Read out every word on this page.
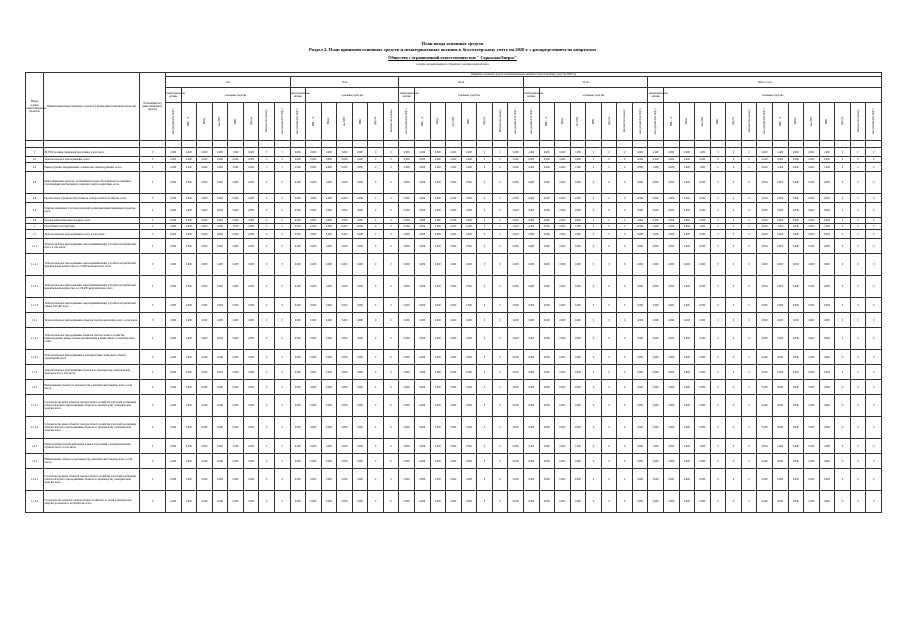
План ввода основных средств
Раздел 2. План принятия основных средств и нематериальных активов к бухгалтерскому учету на 2020 г. с распределением по кварталам
Общество с ограниченной ответственностью " СарыаланЭнерго"
полное наименование субъекта электроэнергетики
Номер группы инвестиционных проектов	Наименование инвестиционного проекта (группы инвестиционных проектов)	Идентификатор инвестиционного проекта	Принятие основных средств и нематериальных активов к бухгалтерскому учету на 2020 год																																													
			I кв								II кв							III кв								IV кв								Итого за год														
			нематериальные активы	основные средства							нематериальные активы	основные средства						нематериальные активы	основные средства							нематериальные активы	основные средства							нематериальные активы	основные средства													
			млн рублей (без НДС)	МВ×А	Мвар	км ЛЭП	МВт	Другое	Количество единиц	млн рублей (без НДС)	млн рублей (без НДС)	МВ×А	Мвар	км ЛЭП	МВт	Другое	Количество единиц	млн рублей (без НДС)	МВ×А	Мвар	км ЛЭП	МВт	Другое	Количество единиц	млн рублей (без НДС)	млн рублей (без НДС)	МВ×А	Мвар	км ЛЭП	МВт	Другое	Количество единиц	млн рублей (без НДС)	млн рублей (без НДС)	МВ×А	Мвар	км ЛЭП	МВт	Другое	Количество единиц	млн рублей (без НДС)	МВ×А	Мвар	км ЛЭП	МВт	Другое	Количество единиц	млн рублей (без НДС)

0	ВСЕГО по инвестиционной программе, в том числе:	Г	0,000	6,400	0,000	0,000	3,500	0,000	3	5	0,000	0,000	0,000	0,000	0,000	0	0	0,000	0,000	0,000	0,000	0,000	0	0	0,000	2,400	0,000	0,000	1,000	0	0	0	0,000	2,400	0,000	0,000	1,000	0	0	0	0,000	2,400	0,000	0,000	1,000	0	0	0
0.1	Технологическое присоединение, всего	Г	0,000	0,000	0,000	0,000	0,000	0,000	0	0	0,000	0,000	0,000	0,000	0,000	0	0	0,000	0,000	0,000	0,000	0,000	0	0	0,000	0,000	0,000	0,000	0,000	0	0	0	0,000	0,000	0,000	0,000	0,000	0	0	0	0,000	0,000	0,000	0,000	0,000	0	0	0
0.2	Реконструкция, модернизация, техническое перевооружение, всего	Г	0,000	6,400	0,000	0,000	3,500	0,000	3	5	0,000	0,000	0,000	0,000	0,000	0	0	0,000	0,000	0,000	0,000	0,000	0	0	0,000	2,400	0,000	0,000	1,000	0	0	0	0,000	2,400	0,000	0,000	1,000	0	0	0	0,000	2,400	0,000	0,000	1,000	0	0	0
0.3	Инвестиционные проекты, реализация которых обуславливается схемами и программами перспективного развития электроэнергетики, всего	Г	0,000	0,000	0,000	0,000	0,000	0,000	0	0	0,000	0,000	0,000	0,000	0,000	0	0	0,000	0,000	0,000	0,000	0,000	0	0	0,000	0,000	0,000	0,000	0,000	0	0	0	0,000	0,000	0,000	0,000	0,000	0	0	0	0,000	0,000	0,000	0,000	0,000	0	0	0
0.4	Прочее новое строительство объектов электросетевого хозяйства, всего	Г	0,000	0,000	0,000	0,000	0,000	0,000	0	0	0,000	0,000	0,000	0,000	0,000	0	0	0,000	0,000	0,000	0,000	0,000	0	0	0,000	0,000	0,000	0,000	0,000	0	0	0	0,000	0,000	0,000	0,000	0,000	0	0	0	0,000	0,000	0,000	0,000	0,000	0	0	0
0.5	Покупка земельных участков для целей реализации инвестиционных проектов, всего	Г	0,000	0,000	0,000	0,000	0,000	0,000	0	0	0,000	0,000	0,000	0,000	0,000	0	0	0,000	0,000	0,000	0,000	0,000	0	0	0,000	0,000	0,000	0,000	0,000	0	0	0	0,000	0,000	0,000	0,000	0,000	0	0	0	0,000	0,000	0,000	0,000	0,000	0	0	0
0.6	Прочие инвестиционные проекты, всего	Г	0,000	0,000	0,000	0,000	0,000	0,000	0	0	0,000	0,000	0,000	0,000	0,000	0	0	0,000	0,000	0,000	0,000	0,000	0	0	0,000	0,000	0,000	0,000	0,000	0	0	0	0,000	0,000	0,000	0,000	0,000	0	0	0	0,000	0,000	0,000	0,000	0,000	0	0	0
1	Республика Саха (Якутия)	Г	0,000	6,400	0,000	0,000	3,500	0,000	3	5	0,000	0,000	0,000	0,000	0,000	0	0	0,000	0,000	0,000	0,000	0,000	0	0	0,000	2,400	0,000	0,000	1,000	0	0	0	0,000	2,400	0,000	0,000	1,000	0	0	0	0,000	2,400	0,000	0,000	1,000	0	0	0
1.1	Технологическое присоединение, всего, в том числе:	Г	0,000	0,000	0,000	0,000	0,000	0,000	0	0	0,000	0,000	0,000	0,000	0,000	0	0	0,000	0,000	0,000	0,000	0,000	0	0	0,000	0,000	0,000	0,000	0,000	0	0	0	0,000	0,000	0,000	0,000	0,000	0	0	0	0,000	0,000	0,000	0,000	0,000	0	0	0
1.1.1	Технологическое присоединение энергопринимающих устройств потребителей, всего, в том числе:	Г	0,000	0,000	0,000	0,000	0,000	0,000	0	0	0,000	0,000	0,000	0,000	0,000	0	0	0,000	0,000	0,000	0,000	0,000	0	0	0,000	0,000	0,000	0,000	0,000	0	0	0	0,000	0,000	0,000	0,000	0,000	0	0	0	0,000	0,000	0,000	0,000	0,000	0	0	0
1.1.1.1	Технологическое присоединение энергопринимающих устройств потребителей максимальной мощностью до 15 кВт включительно, всего	Г	0,000	0,000	0,000	0,000	0,000	0,000	0	0	0,000	0,000	0,000	0,000	0,000	0	0	0,000	0,000	0,000	0,000	0,000	0	0	0,000	0,000	0,000	0,000	0,000	0	0	0	0,000	0,000	0,000	0,000	0,000	0	0	0	0,000	0,000	0,000	0,000	0,000	0	0	0
1.1.1.2	Технологическое присоединение энергопринимающих устройств потребителей максимальной мощностью до 150 кВт включительно, всего	Г	0,000	0,000	0,000	0,000	0,000	0,000	0	0	0,000	0,000	0,000	0,000	0,000	0	0	0,000	0,000	0,000	0,000	0,000	0	0	0,000	0,000	0,000	0,000	0,000	0	0	0	0,000	0,000	0,000	0,000	0,000	0	0	0	0,000	0,000	0,000	0,000	0,000	0	0	0
1.1.1.3	Технологическое присоединение энергопринимающих устройств потребителей свыше 150 кВт, всего	Г	0,000	0,000	0,000	0,000	0,000	0,000	0	0	0,000	0,000	0,000	0,000	0,000	0	0	0,000	0,000	0,000	0,000	0,000	0	0	0,000	0,000	0,000	0,000	0,000	0	0	0	0,000	0,000	0,000	0,000	0,000	0	0	0	0,000	0,000	0,000	0,000	0,000	0	0	0
1.1.2	Технологическое присоединение объектов электроэнергетики, всего, в том числе:	Г	0,000	0,000	0,000	0,000	0,000	0,000	0	0	0,000	0,000	0,000	0,000	0,000	0	0	0,000	0,000	0,000	0,000	0,000	0	0	0,000	0,000	0,000	0,000	0,000	0	0	0	0,000	0,000	0,000	0,000	0,000	0	0	0	0,000	0,000	0,000	0,000	0,000	0	0	0
1.1.2.1	Технологическое присоединение объектов электросетевого хозяйства, принадлежащих иным сетевым организациям и иным лицам, к электрическим сетям	Г	0,000	0,000	0,000	0,000	0,000	0,000	0	0	0,000	0,000	0,000	0,000	0,000	0	0	0,000	0,000	0,000	0,000	0,000	0	0	0,000	0,000	0,000	0,000	0,000	0	0	0	0,000	0,000	0,000	0,000	0,000	0	0	0	0,000	0,000	0,000	0,000	0,000	0	0	0
1.1.2.2	Технологическое присоединение к электрическим сетям иных сетевых организаций, всего	Г	0,000	0,000	0,000	0,000	0,000	0,000	0	0	0,000	0,000	0,000	0,000	0,000	0	0	0,000	0,000	0,000	0,000	0,000	0	0	0,000	0,000	0,000	0,000	0,000	0	0	0	0,000	0,000	0,000	0,000	0,000	0	0	0	0,000	0,000	0,000	0,000	0,000	0	0	0
1.1.3	Технологическое присоединение объектов по производству электрической энергии всего, в том числе:	Г	0,000	0,000	0,000	0,000	0,000	0,000	0	0	0,000	0,000	0,000	0,000	0,000	0	0	0,000	0,000	0,000	0,000	0,000	0	0	0,000	0,000	0,000	0,000	0,000	0	0	0	0,000	0,000	0,000	0,000	0,000	0	0	0	0,000	0,000	0,000	0,000	0,000	0	0	0
1.1.4	Наименование объекта по производству электрической энергии, всего, в том числе:	Г	0,000	0,000	0,000	0,000	0,000	0,000	0	0	0,000	0,000	0,000	0,000	0,000	0	0	0,000	0,000	0,000	0,000	0,000	0	0	0,000	0,000	0,000	0,000	0,000	0	0	0	0,000	0,000	0,000	0,000	0,000	0	0	0	0,000	0,000	0,000	0,000	0,000	0	0	0
1.1.3.1	Строительство иных объектов электросетевого хозяйства для целей реализации технологического присоединения объектов по производству электрической энергии, всего	Г	0,000	0,000	0,000	0,000	0,000	0,000	0	0	0,000	0,000	0,000	0,000	0,000	0	0	0,000	0,000	0,000	0,000	0,000	0	0	0,000	0,000	0,000	0,000	0,000	0	0	0	0,000	0,000	0,000	0,000	0,000	0	0	0	0,000	0,000	0,000	0,000	0,000	0	0	0
1.1.3.2	Строительство иных объектов электросетевого хозяйства для целей реализации технологического присоединения объектов по производству электрической энергии, всего	Г	0,000	0,000	0,000	0,000	0,000	0,000	0	0	0,000	0,000	0,000	0,000	0,000	0	0	0,000	0,000	0,000	0,000	0,000	0	0	0,000	0,000	0,000	0,000	0,000	0	0	0	0,000	0,000	0,000	0,000	0,000	0	0	0	0,000	0,000	0,000	0,000	0,000	0	0	0
1.2.1	Реконструкция трансформаторных и иных подстанций, распределительных пунктов, всего, в том числе:	Г	0,000	6,400	0,000	0,000	3,500	0,000	3	5	0,000	0,000	0,000	0,000	0,000	0	0	0,000	0,000	0,000	0,000	0,000	0	0	0,000	2,400	0,000	0,000	1,000	0	0	0	0,000	2,400	0,000	0,000	1,000	0	0	0	0,000	2,400	0,000	0,000	1,000	0	0	0
1.2.2	Наименование объекта по производству электрической энергии, всего, в том числе:	Г	0,000	0,000	0,000	0,000	0,000	0,000	0	0	0,000	0,000	0,000	0,000	0,000	0	0	0,000	0,000	0,000	0,000	0,000	0	0	0,000	0,000	0,000	0,000	0,000	0	0	0	0,000	0,000	0,000	0,000	0,000	0	0	0	0,000	0,000	0,000	0,000	0,000	0	0	0
1.2.2.1	Строительство иных объектов электросетевого хозяйства для целей реализации технологического присоединения объектов по производству электрической энергии, всего	Г	0,000	0,000	0,000	0,000	0,000	0,000	0	0	0,000	0,000	0,000	0,000	0,000	0	0	0,000	0,000	0,000	0,000	0,000	0	0	0,000	0,000	0,000	0,000	0,000	0	0	0	0,000	0,000	0,000	0,000	0,000	0	0	0	0,000	0,000	0,000	0,000	0,000	0	0	0
1.1.3.2	Строительство объектов электросетевого хозяйства, от сетей электрической энергии до конечного потребителя, всего	Г	0,000	0,000	0,000	0,000	0,000	0,000	0	0	0,000	0,000	0,000	0,000	0,000	0	0	0,000	0,000	0,000	0,000	0,000	0	0	0,000	0,000	0,000	0,000	0,000	0	0	0	0,000	0,000	0,000	0,000	0,000	0	0	0	0,000	0,000	0,000	0,000	0,000	0	0	0
